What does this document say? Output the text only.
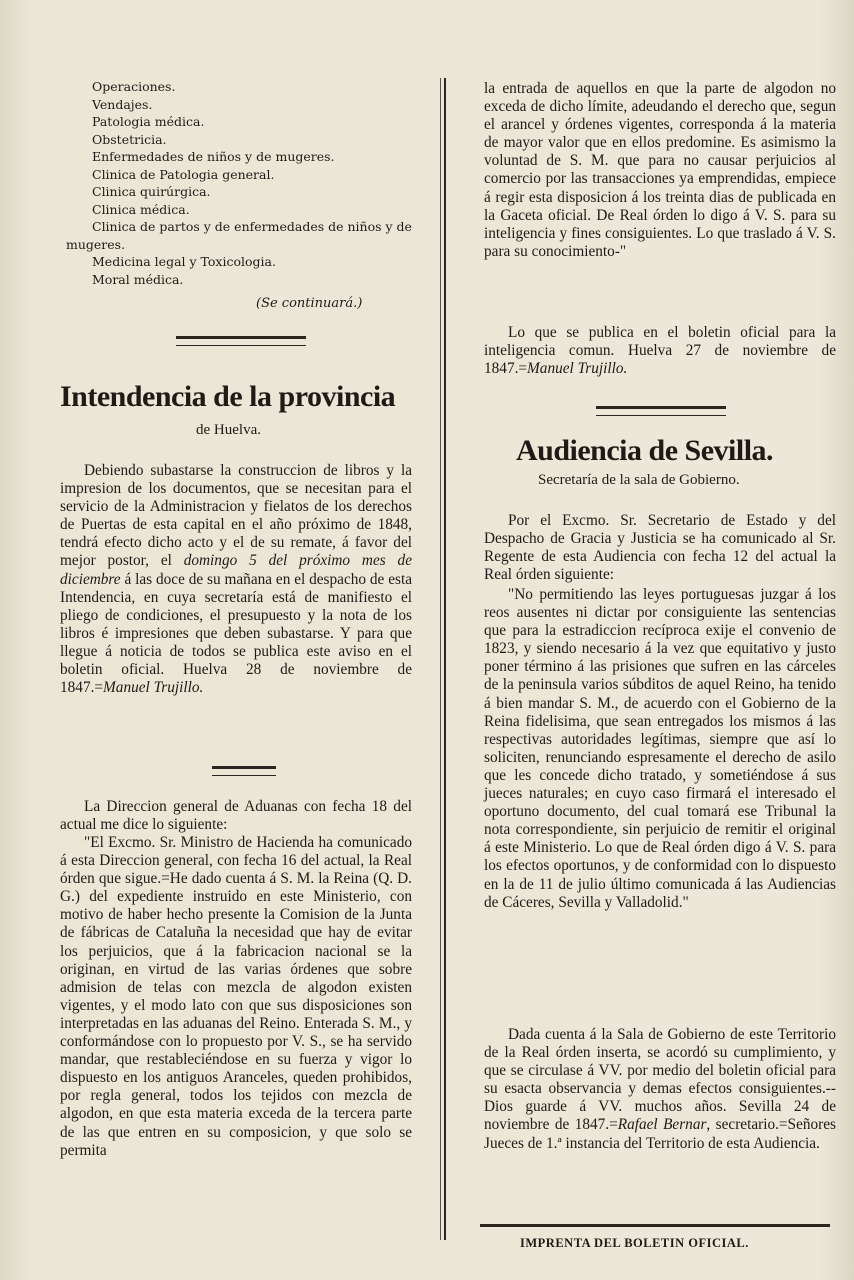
Operaciones.
Vendajes.
Patologia médica.
Obstetricia.
Enfermedades de niños y de mugeres.
Clinica de Patologia general.
Clinica quirúrgica.
Clinica médica.
Clinica de partos y de enfermedades de niños y de
mugeres.
Medicina legal y Toxicologia.
Moral médica.
(Se continuará.)
Intendencia de la provincia
de Huelva.
Debiendo subastarse la construccion de libros y la impresion de los documentos, que se necesitan para el servicio de la Administracion y fielatos de los derechos de Puertas de esta capital en el año próximo de 1848, tendrá efecto dicho acto y el de su remate, á favor del mejor postor, el domingo 5 del próximo mes de diciembre á las doce de su mañana en el despacho de esta Intendencia, en cuya secretaría está de manifiesto el pliego de condiciones, el presupuesto y la nota de los libros é impresiones que deben subastarse. Y para que llegue á noticia de todos se publica este aviso en el boletin oficial. Huelva 28 de noviembre de 1847.=Manuel Trujillo.
La Direccion general de Aduanas con fecha 18 del actual me dice lo siguiente:
"El Excmo. Sr. Ministro de Hacienda ha comunicado á esta Direccion general, con fecha 16 del actual, la Real órden que sigue.=He dado cuenta á S. M. la Reina (Q. D. G.) del expediente instruido en este Ministerio, con motivo de haber hecho presente la Comision de la Junta de fábricas de Cataluña la necesidad que hay de evitar los perjuicios, que á la fabricacion nacional se la originan, en virtud de las varias órdenes que sobre admision de telas con mezcla de algodon existen vigentes, y el modo lato con que sus disposiciones son interpretadas en las aduanas del Reino. Enterada S. M., y conformándose con lo propuesto por V. S., se ha servido mandar, que restableciéndose en su fuerza y vigor lo dispuesto en los antiguos Aranceles, queden prohibidos, por regla general, todos los tejidos con mezcla de algodon, en que esta materia exceda de la tercera parte de las que entren en su composicion, y que solo se permita
la entrada de aquellos en que la parte de algodon no exceda de dicho límite, adeudando el derecho que, segun el arancel y órdenes vigentes, corresponda á la materia de mayor valor que en ellos predomine. Es asimismo la voluntad de S. M. que para no causar perjuicios al comercio por las transacciones ya emprendidas, empiece á regir esta disposicion á los treinta dias de publicada en la Gaceta oficial. De Real órden lo digo á V. S. para su inteligencia y fines consiguientes. Lo que traslado á V. S. para su conocimiento-"
Lo que se publica en el boletin oficial para la inteligencia comun. Huelva 27 de noviembre de 1847.=Manuel Trujillo.
Audiencia de Sevilla.
Secretaría de la sala de Gobierno.
Por el Excmo. Sr. Secretario de Estado y del Despacho de Gracia y Justicia se ha comunicado al Sr. Regente de esta Audiencia con fecha 12 del actual la Real órden siguiente:
"No permitiendo las leyes portuguesas juzgar á los reos ausentes ni dictar por consiguiente las sentencias que para la estradiccion recíproca exije el convenio de 1823, y siendo necesario á la vez que equitativo y justo poner término á las prisiones que sufren en las cárceles de la peninsula varios súbditos de aquel Reino, ha tenido á bien mandar S. M., de acuerdo con el Gobierno de la Reina fidelisima, que sean entregados los mismos á las respectivas autoridades legítimas, siempre que así lo soliciten, renunciando espresamente el derecho de asilo que les concede dicho tratado, y sometiéndose á sus jueces naturales; en cuyo caso firmará el interesado el oportuno documento, del cual tomará ese Tribunal la nota correspondiente, sin perjuicio de remitir el original á este Ministerio. Lo que de Real órden digo á V. S. para los efectos oportunos, y de conformidad con lo dispuesto en la de 11 de julio último comunicada á las Audiencias de Cáceres, Sevilla y Valladolid."
Dada cuenta á la Sala de Gobierno de este Territorio de la Real órden inserta, se acordó su cumplimiento, y que se circulase á VV. por medio del boletin oficial para su esacta observancia y demas efectos consiguientes.--Dios guarde á VV. muchos años. Sevilla 24 de noviembre de 1847.=Rafael Bernar, secretario.=Señores Jueces de 1.ª instancia del Territorio de esta Audiencia.
IMPRENTA DEL BOLETIN OFICIAL.
